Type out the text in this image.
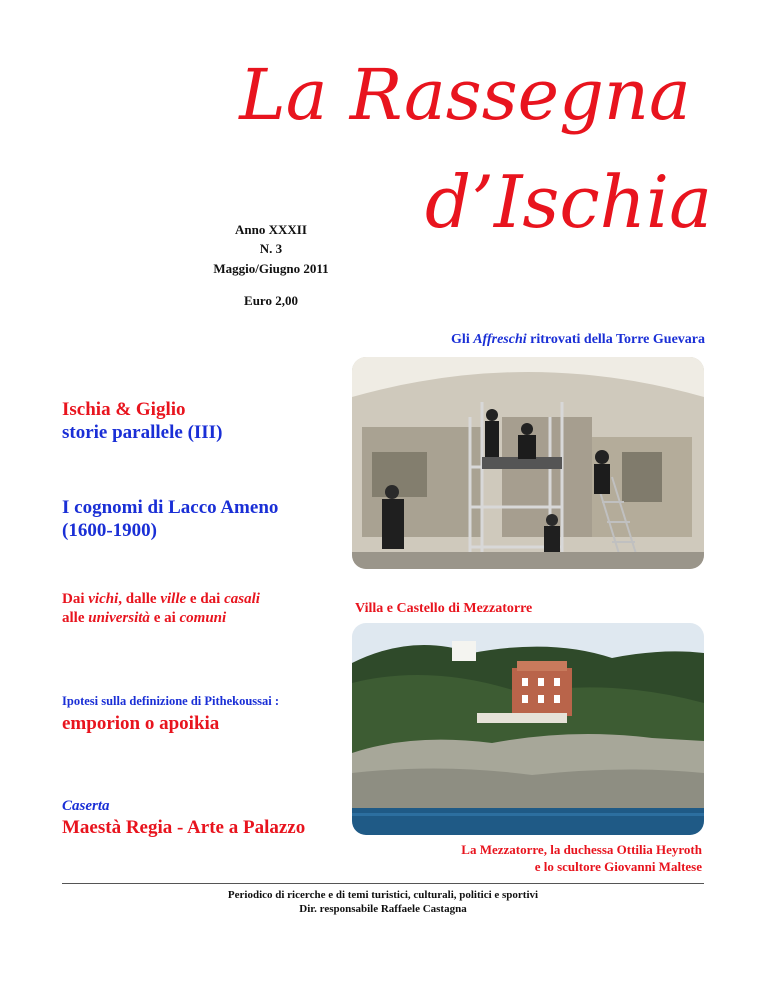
La Rassegna
d’Ischia
Anno XXXII
N. 3
Maggio/Giugno 2011
Euro 2,00
Gli Affreschi ritrovati della Torre Guevara
Ischia & Giglio
storie parallele (III)
I cognomi di Lacco Ameno
(1600-1900)
Dai vichi, dalle ville e dai casali
alle università e ai comuni
Villa e Castello di Mezzatorre
Ipotesi sulla definizione di Pithekoussai :
emporion o apoikia
Caserta
Maestà Regia - Arte a Palazzo
La Mezzatorre, la duchessa Ottilia Heyroth
e lo scultore Giovanni Maltese
Periodico di ricerche e di temi turistici, culturali, politici e sportivi
Dir. responsabile Raffaele Castagna
